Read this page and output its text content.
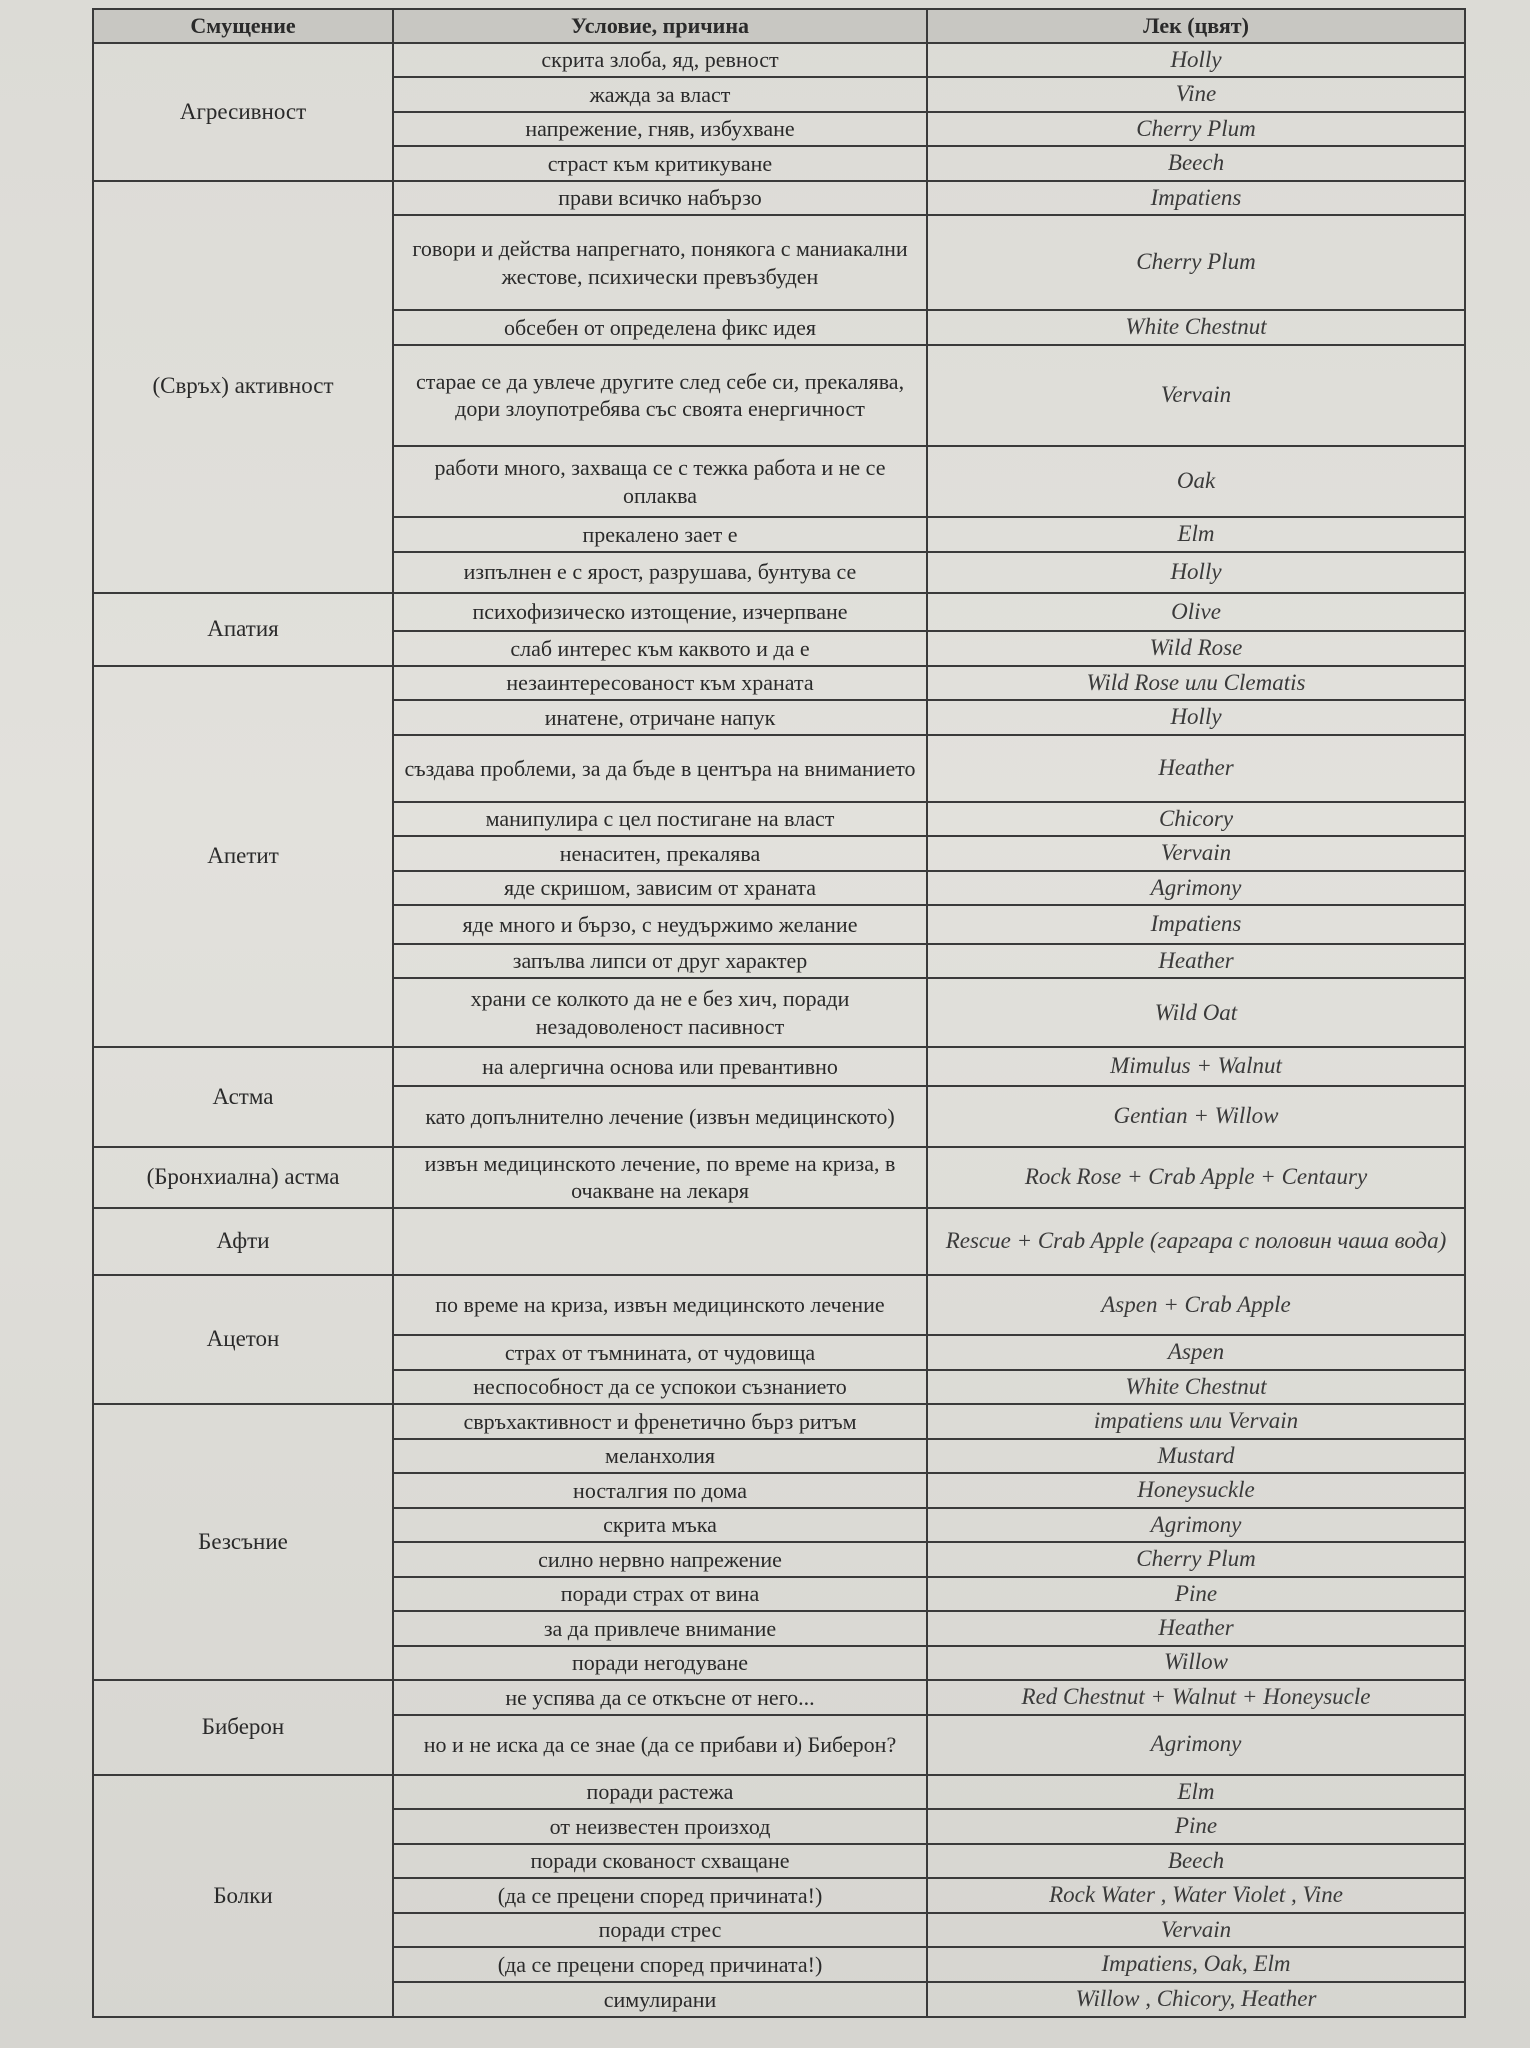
Смущение	Условие, причина	Лек (цвят)
Агресивност	скрита злоба, яд, ревност	Holly
	жажда за власт	Vine
	напрежение, гняв, избухване	Cherry Plum
	страст към критикуване	Beech
(Свръх) активност	прави всичко набързо	Impatiens
	говори и действа напрегнато, понякога с маниакални жестове, психически превъзбуден	Cherry Plum
	обсебен от определена фикс идея	White Chestnut
	старае се да увлече другите след себе си, прекалява, дори злоупотребява със своята енергичност	Vervain
	работи много, захваща се с тежка работа и не се оплаква	Oak
	прекалено зает е	Elm
	изпълнен е с ярост, разрушава, бунтува се	Holly
Апатия	психофизическо изтощение, изчерпване	Olive
	слаб интерес към каквото и да е	Wild Rose
Апетит	незаинтересованост към храната	Wild Rose или Clematis
	инатене, отричане напук	Holly
	създава проблеми, за да бъде в центъра на вниманието	Heather
	манипулира с цел постигане на власт	Chicory
	ненаситен, прекалява	Vervain
	яде скришом, зависим от храната	Agrimony
	яде много и бързо, с неудържимо желание	Impatiens
	запълва липси от друг характер	Heather
	храни се колкото да не е без хич, поради незадоволеност пасивност	Wild Oat
Астма	на алергична основа или превантивно	Mimulus + Walnut
	като допълнително лечение (извън медицинското)	Gentian + Willow
(Бронхиална) астма	извън медицинското лечение, по време на криза, в очакване на лекаря	Rock Rose + Crab Apple + Centaury
Афти		Rescue + Crab Apple (гаргара с половин чаша вода)
Ацетон	по време на криза, извън медицинското лечение	Aspen + Crab Apple
	страх от тъмнината, от чудовища	Aspen
	неспособност да се успокои съзнанието	White Chestnut
Безсъние	свръхактивност и френетично бърз ритъм	impatiens или Vervain
	меланхолия	Mustard
	носталгия по дома	Honeysuckle
	скрита мъка	Agrimony
	силно нервно напрежение	Cherry Plum
	поради страх от вина	Pine
	за да привлече внимание	Heather
	поради негодуване	Willow
Биберон	не успява да се откъсне от него...	Red Chestnut + Walnut + Honeysucle
	но и не иска да се знае (да се прибави и) Биберон?	Agrimony
Болки	поради растежа	Elm
	от неизвестен произход	Pine
	поради скованост схващане	Beech
	(да се прецени според причината!)	Rock Water , Water Violet , Vine
	поради стрес	Vervain
	(да се прецени според причината!)	Impatiens, Oak, Elm
	симулирани	Willow , Chicory, Heather
